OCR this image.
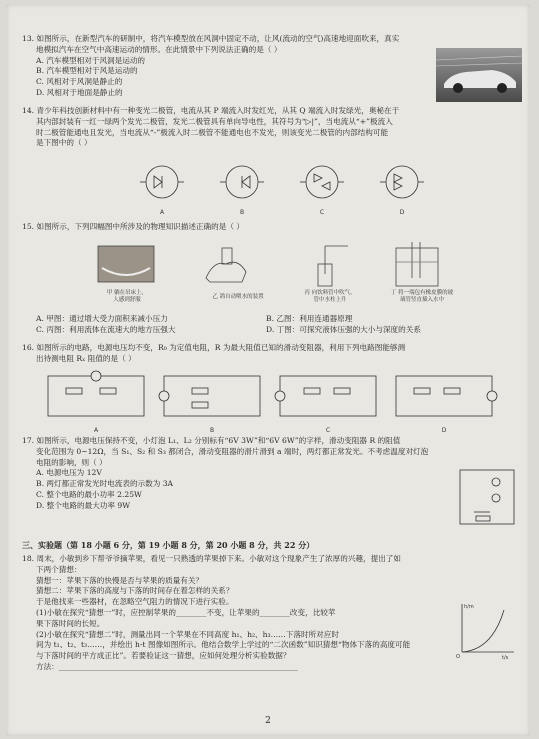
13. 如图所示，在新型汽车的研制中，将汽车模型放在风洞中固定不动，让风(流动的空气)高速地迎面吹来，真实

地模拟汽车在空气中高速运动的情形。在此情景中下列说法正确的是（ ）

A. 汽车模型相对于风洞是运动的

B. 汽车模型相对于风是运动的

C. 风相对于风洞是静止的

D. 风相对于地面是静止的

14. 青少年科技创新材料中有一种变光二极管，电流从其 P 端流入时发红光，从其 Q 端流入时发绿光，奥秘在于

其内部封装有一红一绿两个发光二极管，发光二极管具有单向导电性，其符号为“▷|”，当电流从“+”极流入

时二极管能通电且发光，当电流从“-”极流入时二极管不能通电也不发光，则该变光二极管的内部结构可能

是下图中的（ ）

A	B	C	D

15. 如图所示，下列四幅图中所涉及的物理知识描述正确的是（ ）

甲 躺在吊床上，
人感到舒服	乙 鸽自动喂水的装置
丙 向饮料管中吹气，
管中水柱上升
丁 将一端包有橡皮膜的玻
璃管竖直插入水中

A. 甲图：通过增大受力面积来减小压力	B. 乙图：利用连通器原理

C. 丙图：利用流体在流速大的地方压强大	D. 丁图：可探究液体压强的大小与深度的关系

16. 如图所示的电路，电源电压均不变，R₀ 为定值电阻，R 为最大阻值已知的滑动变阻器，利用下列电路图能够测

出待测电阻 Rₓ 阻值的是（ ）

A	B	C	D

17. 如图所示，电源电压保持不变，小灯泡 L₁、L₂ 分别标有“6V 3W”和“6V 6W”的字样，滑动变阻器 R 的阻值

变化范围为 0~12Ω，当 S₁、S₂ 和 S₃ 都闭合，滑动变阻器的滑片滑到 a 端时，两灯都正常发光。不考虑温度对灯泡

电阻的影响，则（ ）

A. 电源电压为 12V

B. 两灯都正常发光时电流表的示数为 3A

C. 整个电路的最小功率 2.25W

D. 整个电路的最大功率 9W

三、实验题（第 18 小题 6 分，第 19 小题 8 分，第 20 小题 8 分，共 22 分）

18. 周末，小敏到乡下帮爷爷摘苹果，看见一只熟透的苹果掉下来。小敏对这个现象产生了浓厚的兴趣，提出了如

下两个猜想：

猜想一：苹果下落的快慢是否与苹果的质量有关？

猜想二：苹果下落的高度与下落的时间存在着怎样的关系？

于是他找来一些器材，在忽略空气阻力的情况下进行实验。

(1)小敏在探究“猜想一”时，应控制苹果的________不变，让苹果的________改变，比较苹

果下落时间的长短。

(2)小敏在探究“猜想二”时，测量出同一个苹果在不同高度 h₁、h₂、h₃……下落时所对应时

间为 t₁、t₂、t₃……，并绘出 h-t 图像如图所示。他结合数学上学过的“二次函数”知识猜想“物体下落的高度可能

与下落时间的平方成正比”。若要验证这一猜想，应如何处理分析实验数据？

方法：_______________________________________________________________

h/m
t/s
O
2
